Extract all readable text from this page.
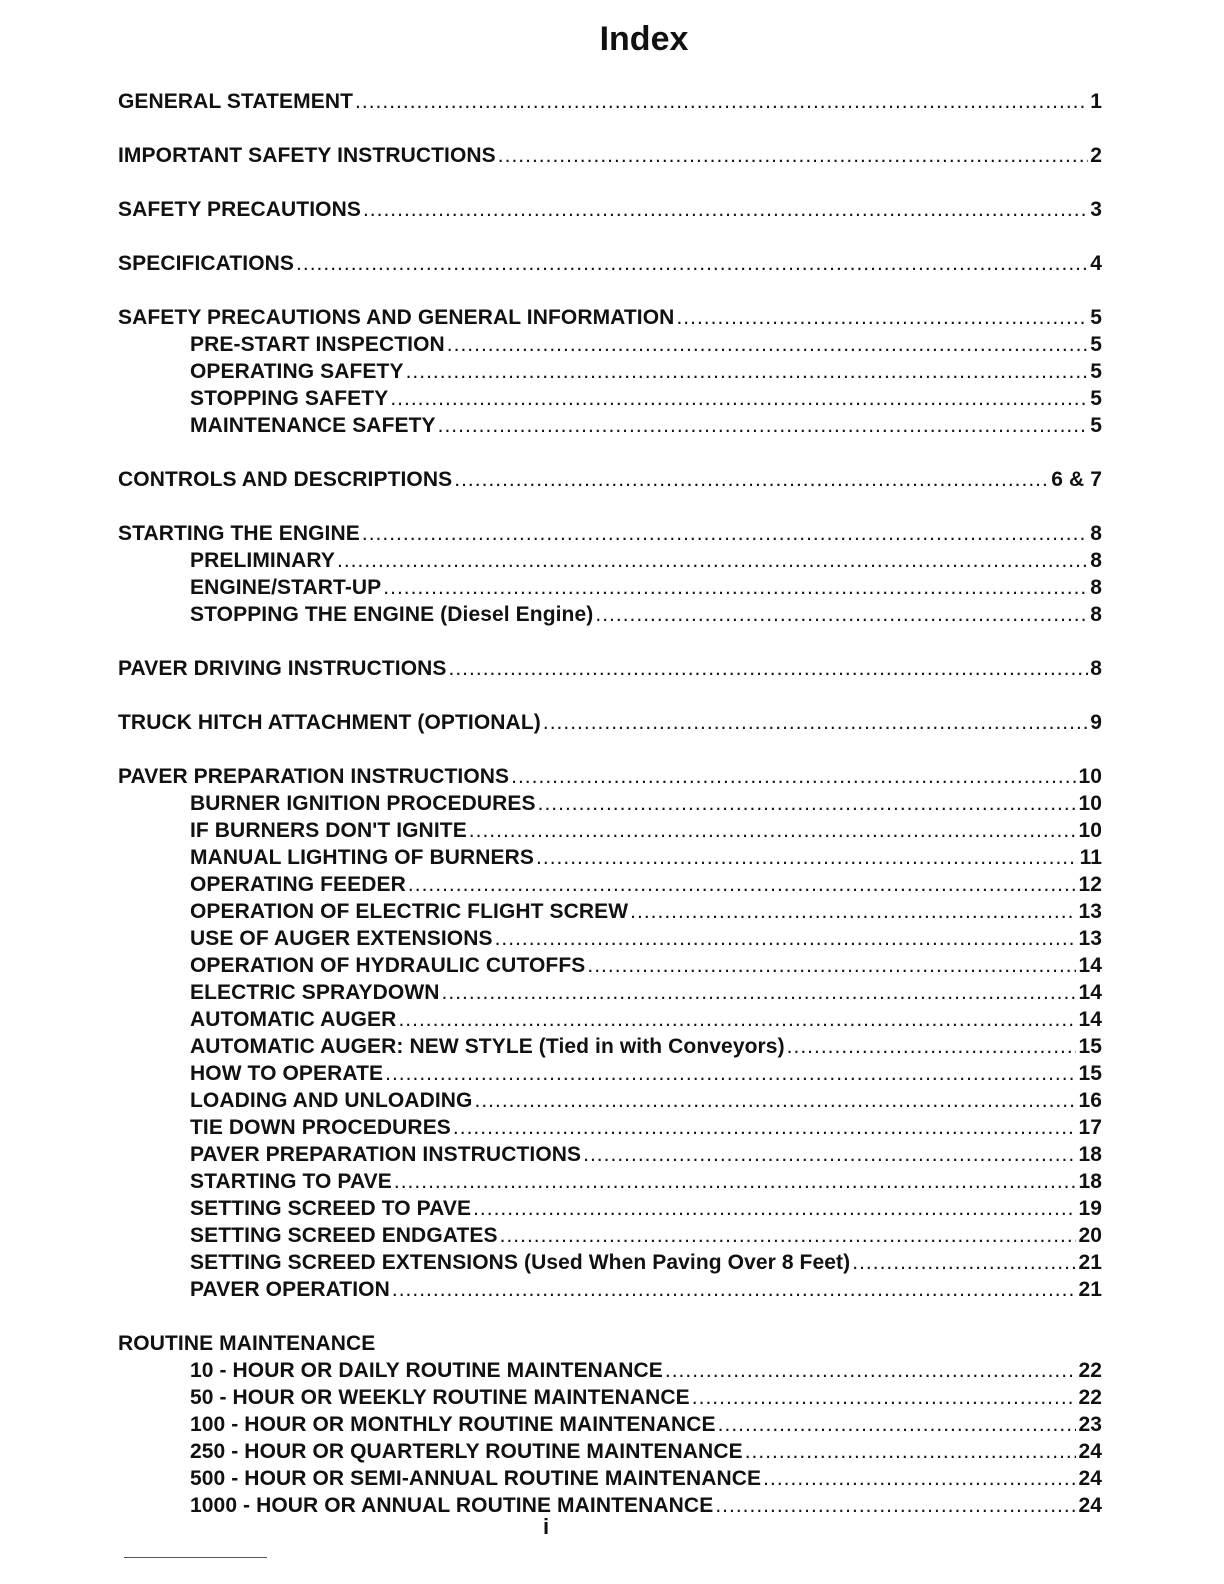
Index
GENERAL STATEMENT .....	1
IMPORTANT SAFETY INSTRUCTIONS .....	2
SAFETY PRECAUTIONS .....	3
SPECIFICATIONS .....	4
SAFETY PRECAUTIONS AND GENERAL INFORMATION .....	5
PRE-START INSPECTION .....	5
OPERATING SAFETY .....	5
STOPPING SAFETY .....	5
MAINTENANCE SAFETY .....	5
CONTROLS AND DESCRIPTIONS .....	6 & 7
STARTING THE ENGINE .....	8
PRELIMINARY .....	8
ENGINE/START-UP .....	8
STOPPING THE ENGINE (Diesel Engine) .....	8
PAVER DRIVING INSTRUCTIONS .....	8
TRUCK HITCH ATTACHMENT (OPTIONAL) .....	9
PAVER PREPARATION INSTRUCTIONS .....	10
BURNER IGNITION PROCEDURES .....	10
IF BURNERS DON'T IGNITE .....	10
MANUAL LIGHTING OF BURNERS .....	11
OPERATING FEEDER .....	12
OPERATION OF ELECTRIC FLIGHT SCREW .....	13
USE OF AUGER EXTENSIONS .....	13
OPERATION OF HYDRAULIC CUTOFFS .....	14
ELECTRIC SPRAYDOWN .....	14
AUTOMATIC AUGER .....	14
AUTOMATIC AUGER: NEW STYLE (Tied in with Conveyors) .....	15
HOW TO OPERATE .....	15
LOADING AND UNLOADING .....	16
TIE DOWN PROCEDURES .....	17
PAVER PREPARATION INSTRUCTIONS .....	18
STARTING TO PAVE .....	18
SETTING SCREED TO PAVE .....	19
SETTING SCREED ENDGATES .....	20
SETTING SCREED EXTENSIONS (Used When Paving Over 8 Feet) .....	21
PAVER OPERATION .....	21
ROUTINE MAINTENANCE
10 - HOUR OR DAILY ROUTINE MAINTENANCE .....	22
50 - HOUR OR WEEKLY ROUTINE MAINTENANCE .....	22
100 - HOUR OR MONTHLY ROUTINE MAINTENANCE .....	23
250 - HOUR OR QUARTERLY ROUTINE MAINTENANCE .....	24
500 - HOUR OR SEMI-ANNUAL ROUTINE MAINTENANCE .....	24
1000 - HOUR OR ANNUAL ROUTINE MAINTENANCE .....	24
i
